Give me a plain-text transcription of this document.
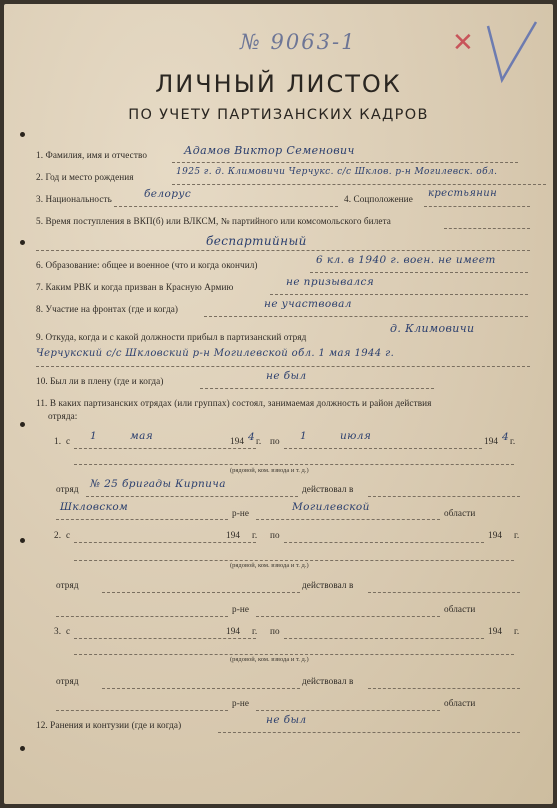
№ 9063-1	✕
ЛИЧНЫЙ ЛИСТОК
ПО УЧЕТУ ПАРТИЗАНСКИХ КАДРОВ
1. Фамилия, имя и отчество	Адамов Виктор Семенович
2. Год и место рождения	1925 г. д. Климовичи Черчукс. с/с Шклов. р-н Могилевск. обл.
3. Национальность	белорус	4. Соцположение крестьянин
5. Время поступления в ВКП(б) или ВЛКСМ, № партийного или комсомольского билета
беспартийный
6. Образование: общее и военное (что и когда окончил)	6 кл. в 1940 г. воен. не имеет
7. Каким РВК и когда призван в Красную Армию	не призывался
8. Участие на фронтах (где и когда)	не участвовал
9. Откуда, когда и с какой должности прибыл в партизанский отряд
д. Климовичи
Черчукский с/с Шкловский р-н Могилевской обл. 1 мая 1944 г.
10. Был ли в плену (где и когда)	не был
11. В каких партизанских отрядах (или группах) состоял, занимаемая должность и район действия
отряда:
1. с 1	мая	194 4 г. по 1	июля	194 4 г.
(рядовой, ком. взвода и т. д.)
отряд № 25 бригады Кирпича	действовал в
Шкловском	р-не	Могилевской	области
2. с	194 г. по	194 г.
(рядовой, ком. взвода и т. д.)
отряд	действовал в
р-не	области
3. с	194 г. по	194 г.
(рядовой, ком. взвода и т. д.)
отряд	действовал в
р-не	области
12. Ранения и контузии (где и когда)	не был
